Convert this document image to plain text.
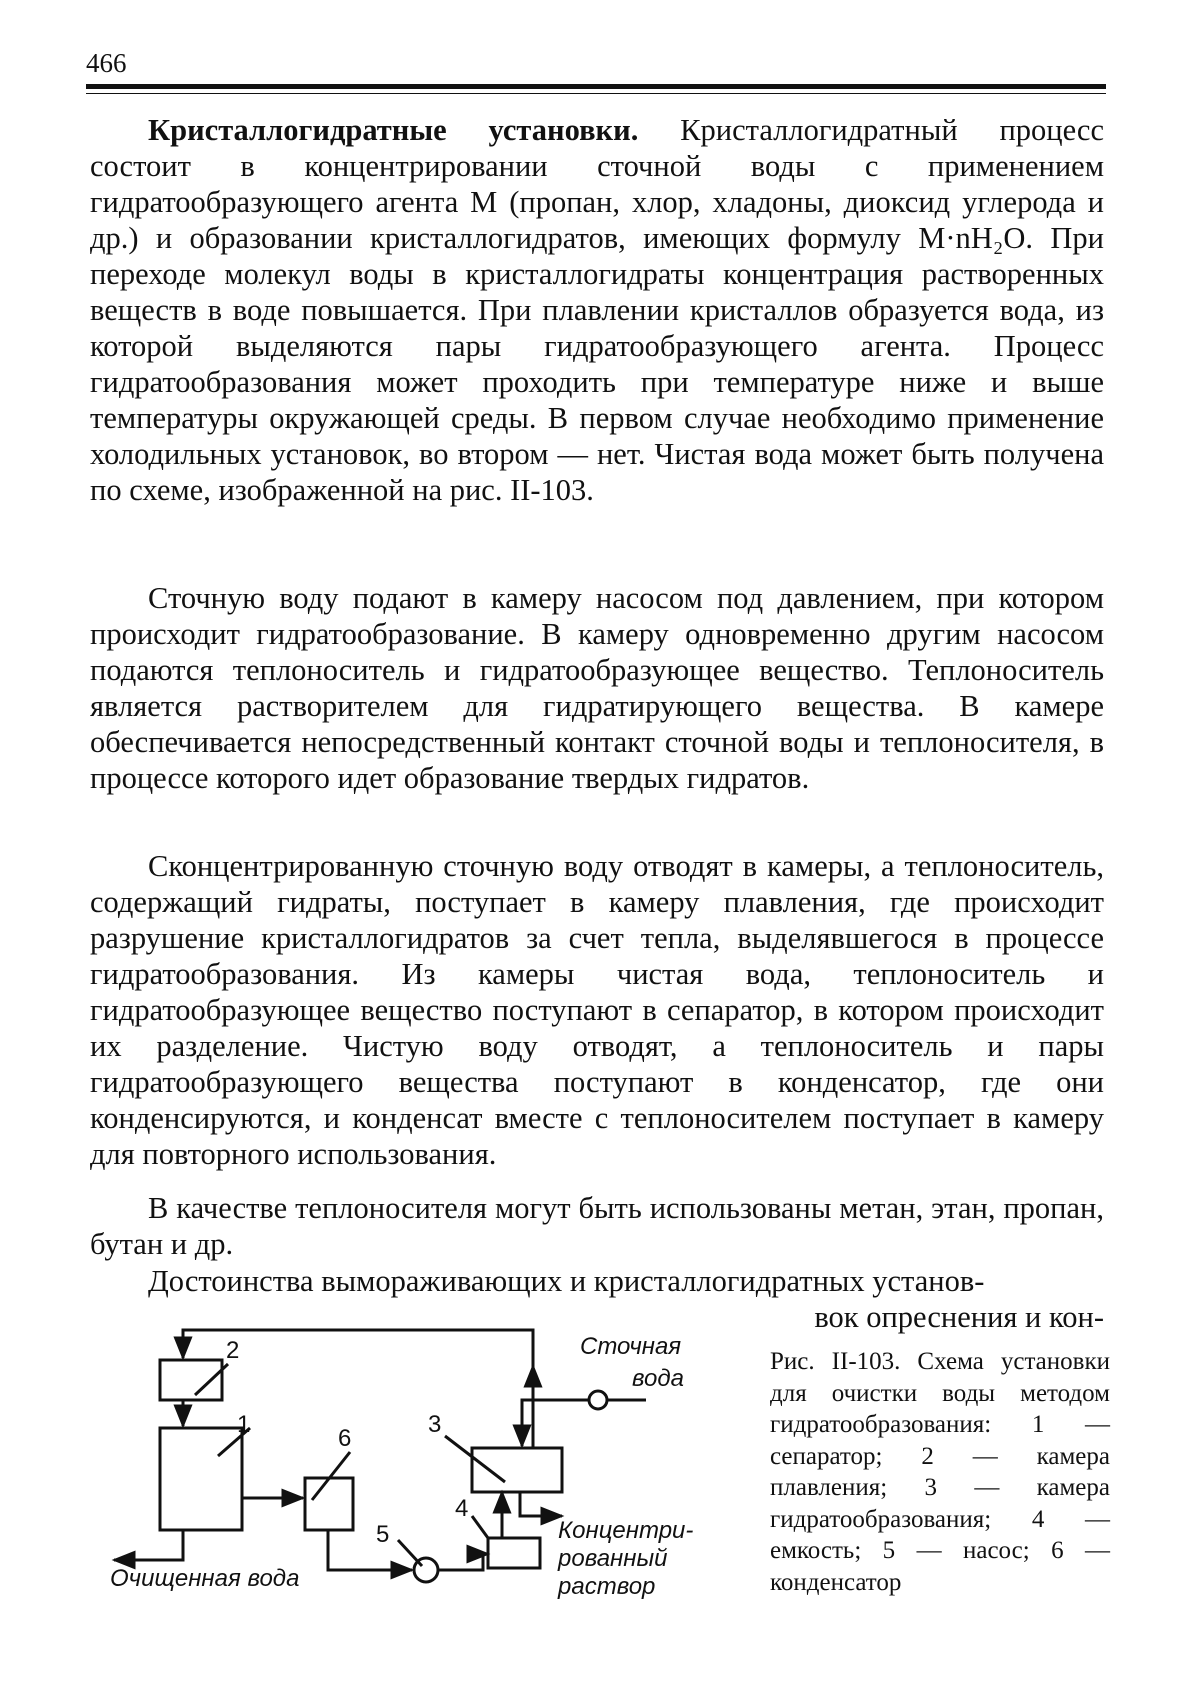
466

Кристаллогидратные установки. Кристаллогидратный процесс состоит в концентрировании сточной воды с применением гидратообразующего агента М (пропан, хлор, хладоны, диоксид углерода и др.) и образовании кристаллогидратов, имеющих формулу М·nH₂O. При переходе молекул воды в кристаллогидраты концентрация растворенных веществ в воде повышается. При плавлении кристаллов образуется вода, из которой выделяются пары гидратообразующего агента. Процесс гидратообразования может проходить при температуре ниже и выше температуры окружающей среды. В первом случае необходимо применение холодильных установок, во втором — нет. Чистая вода может быть получена по схеме, изображенной на рис. II-103.

Сточную воду подают в камеру насосом под давлением, при котором происходит гидратообразование. В камеру одновременно другим насосом подаются теплоноситель и гидратообразующее вещество. Теплоноситель является растворителем для гидратирующего вещества. В камере обеспечивается непосредственный контакт сточной воды и теплоносителя, в процессе которого идет образование твердых гидратов.

Сконцентрированную сточную воду отводят в камеры, а теплоноситель, содержащий гидраты, поступает в камеру плавления, где происходит разрушение кристаллогидратов за счет тепла, выделявшегося в процессе гидратообразования. Из камеры чистая вода, теплоноситель и гидратообразующее вещество поступают в сепаратор, в котором происходит их разделение. Чистую воду отводят, а теплоноситель и пары гидратообразующего вещества поступают в конденсатор, где они конденсируются, и конденсат вместе с теплоносителем поступает в камеру для повторного использования.

В качестве теплоносителя могут быть использованы метан, этан, пропан, бутан и др.

Достоинства вымораживающих и кристаллогидратных установ-

вок опреснения и кон-

Рис. II-103. Схема установки для очистки воды методом гидратообразования: 1 — сепаратор; 2 — камера плавления; 3 — камера гидратообразования; 4 — емкость; 5 — насос; 6 — конденсатор

2
1
6
3
4
5
Сточная
вода
Концентри-
рованный
раствор
Очищенная вода
